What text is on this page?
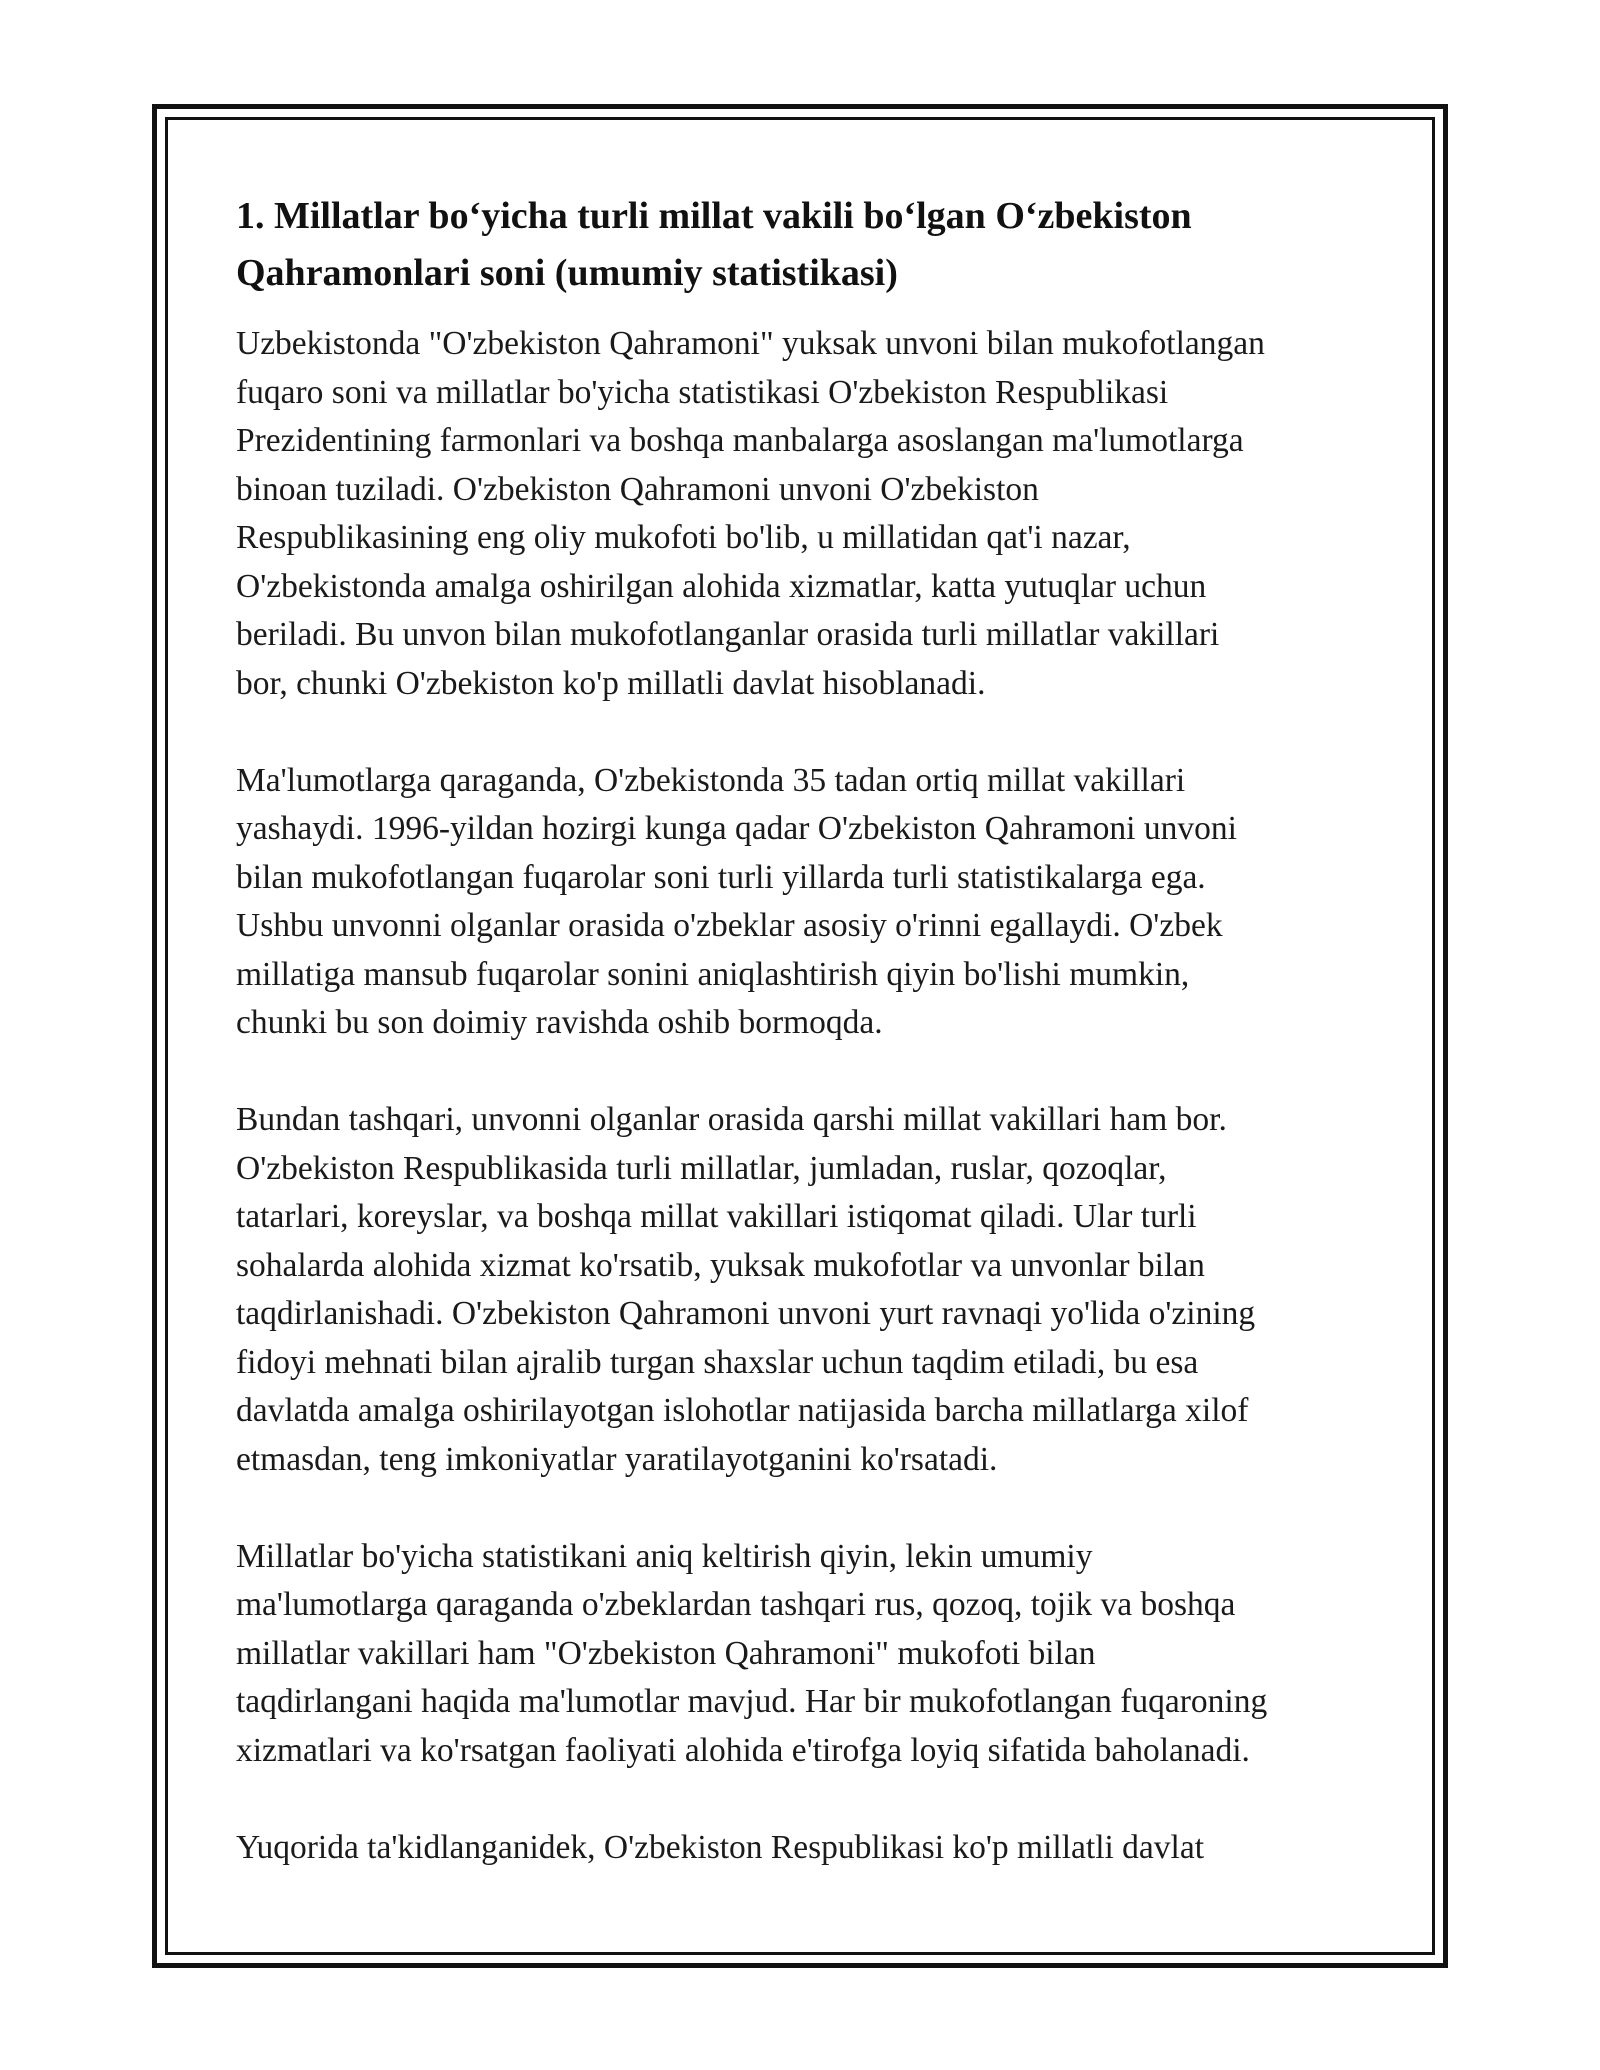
1. Millatlar bo‘yicha turli millat vakili bo‘lgan O‘zbekiston
Qahramonlari soni (umumiy statistikasi)
Uzbekistonda "O'zbekiston Qahramoni" yuksak unvoni bilan mukofotlangan
fuqaro soni va millatlar bo'yicha statistikasi O'zbekiston Respublikasi
Prezidentining farmonlari va boshqa manbalarga asoslangan ma'lumotlarga
binoan tuziladi. O'zbekiston Qahramoni unvoni O'zbekiston
Respublikasining eng oliy mukofoti bo'lib, u millatidan qat'i nazar,
O'zbekistonda amalga oshirilgan alohida xizmatlar, katta yutuqlar uchun
beriladi. Bu unvon bilan mukofotlanganlar orasida turli millatlar vakillari
bor, chunki O'zbekiston ko'p millatli davlat hisoblanadi.
Ma'lumotlarga qaraganda, O'zbekistonda 35 tadan ortiq millat vakillari
yashaydi. 1996-yildan hozirgi kunga qadar O'zbekiston Qahramoni unvoni
bilan mukofotlangan fuqarolar soni turli yillarda turli statistikalarga ega.
Ushbu unvonni olganlar orasida o'zbeklar asosiy o'rinni egallaydi. O'zbek
millatiga mansub fuqarolar sonini aniqlashtirish qiyin bo'lishi mumkin,
chunki bu son doimiy ravishda oshib bormoqda.
Bundan tashqari, unvonni olganlar orasida qarshi millat vakillari ham bor.
O'zbekiston Respublikasida turli millatlar, jumladan, ruslar, qozoqlar,
tatarlari, koreyslar, va boshqa millat vakillari istiqomat qiladi. Ular turli
sohalarda alohida xizmat ko'rsatib, yuksak mukofotlar va unvonlar bilan
taqdirlanishadi. O'zbekiston Qahramoni unvoni yurt ravnaqi yo'lida o'zining
fidoyi mehnati bilan ajralib turgan shaxslar uchun taqdim etiladi, bu esa
davlatda amalga oshirilayotgan islohotlar natijasida barcha millatlarga xilof
etmasdan, teng imkoniyatlar yaratilayotganini ko'rsatadi.
Millatlar bo'yicha statistikani aniq keltirish qiyin, lekin umumiy
ma'lumotlarga qaraganda o'zbeklardan tashqari rus, qozoq, tojik va boshqa
millatlar vakillari ham "O'zbekiston Qahramoni" mukofoti bilan
taqdirlangani haqida ma'lumotlar mavjud. Har bir mukofotlangan fuqaroning
xizmatlari va ko'rsatgan faoliyati alohida e'tirofga loyiq sifatida baholanadi.
Yuqorida ta'kidlanganidek, O'zbekiston Respublikasi ko'p millatli davlat
